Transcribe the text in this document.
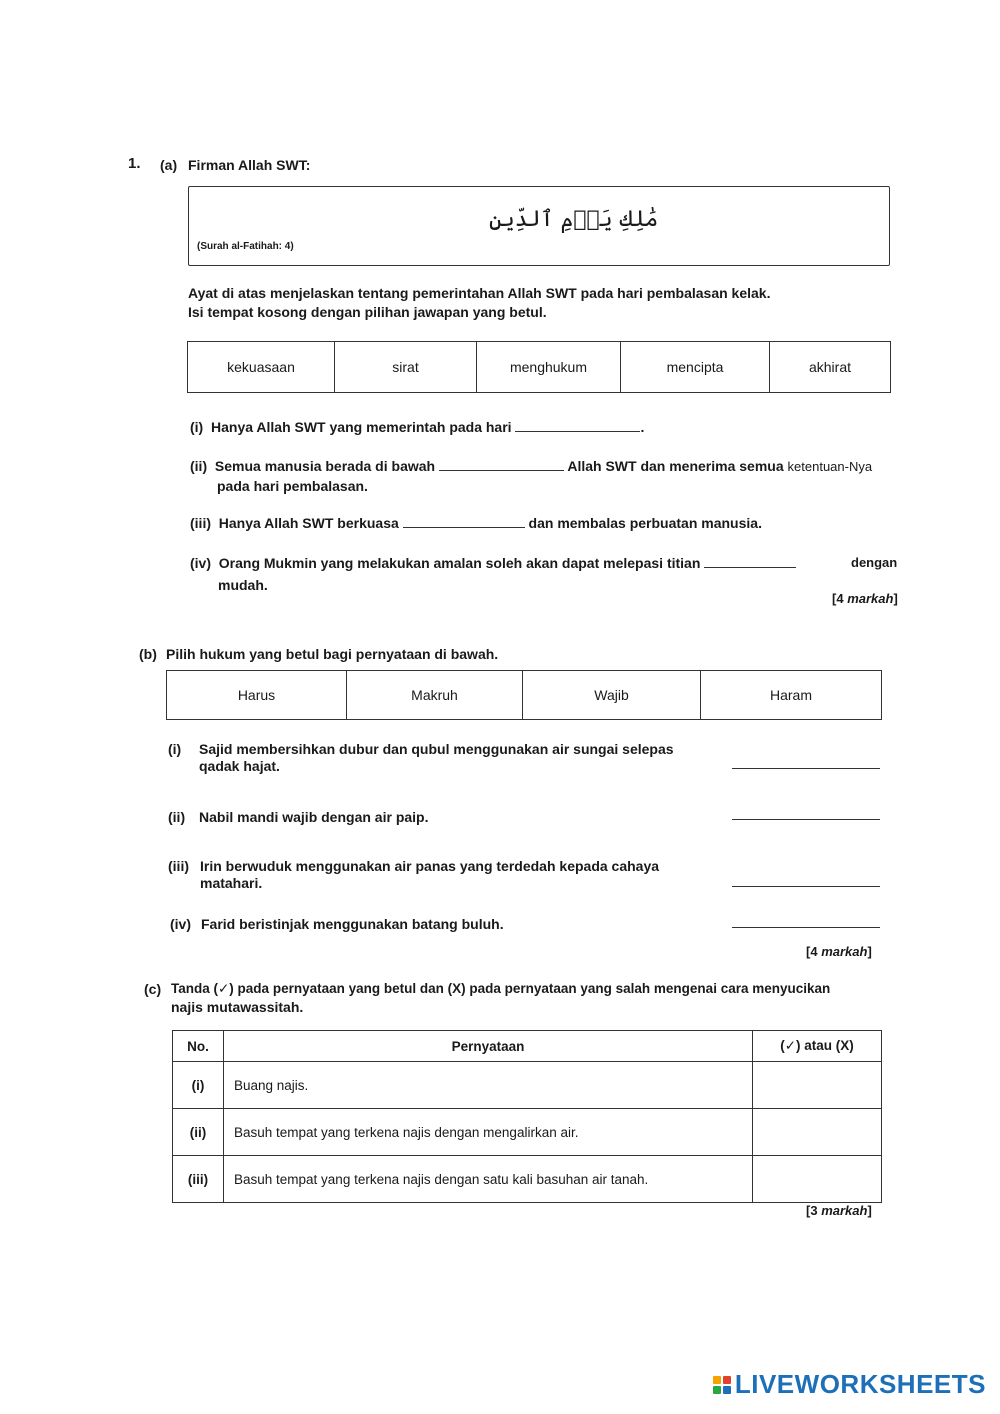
1. (a) Firman Allah SWT:
مَٰلِكِ يَوۡمِ ٱلدِّينِ
(Surah al-Fatihah: 4)
Ayat di atas menjelaskan tentang pemerintahan Allah SWT pada hari pembalasan kelak.
Isi tempat kosong dengan pilihan jawapan yang betul.
kekuasaan	sirat	menghukum	mencipta	akhirat
(i) Hanya Allah SWT yang memerintah pada hari	.
(ii) Semua manusia berada di bawah	Allah SWT dan menerima semua ketentuan-Nya
pada hari pembalasan.
(iii) Hanya Allah SWT berkuasa	dan membalas perbuatan manusia.
(iv) Orang Mukmin yang melakukan amalan soleh akan dapat melepasi titian	dengan
mudah.
[4 markah]
(b) Pilih hukum yang betul bagi pernyataan di bawah.
Harus	Makruh	Wajib	Haram
(i) Sajid membersihkan dubur dan qubul menggunakan air sungai selepas
qadak hajat.
(ii) Nabil mandi wajib dengan air paip.
(iii) Irin berwuduk menggunakan air panas yang terdedah kepada cahaya
matahari.
(iv) Farid beristinjak menggunakan batang buluh.
[4 markah]
(c) Tanda (✓) pada pernyataan yang betul dan (X) pada pernyataan yang salah mengenai cara menyucikan
najis mutawassitah.
No.	Pernyataan	(✓) atau (X)
(i)	Buang najis.	
(ii)	Basuh tempat yang terkena najis dengan mengalirkan air.	
(iii)	Basuh tempat yang terkena najis dengan satu kali basuhan air tanah.	
[3 markah]
LIVEWORKSHEETS
